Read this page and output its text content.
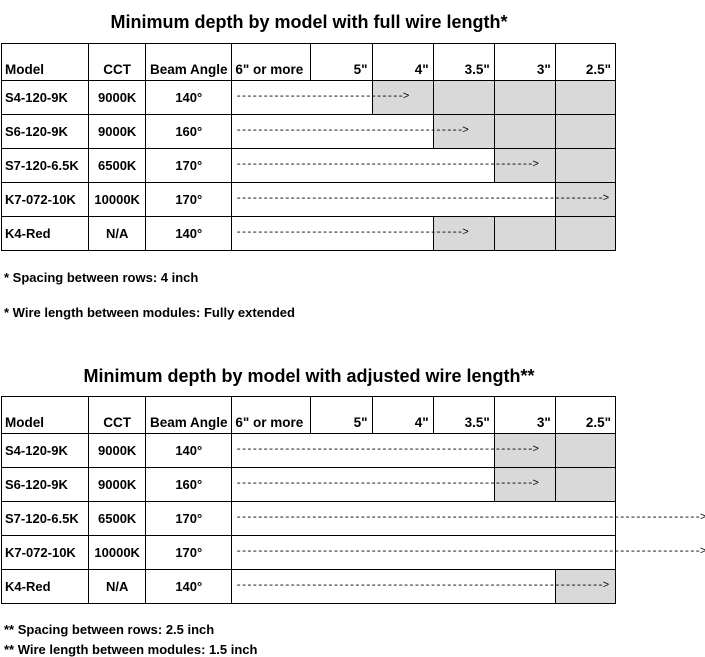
Minimum depth by model with full wire length*
Model	CCT	Beam Angle	6" or more	5"	4"	3.5"	3"	2.5"
S4-120-9K	9000K	140°	------------------------------->					

S6-120-9K	9000K	160°	------------------------------------------>					

S7-120-6.5K	6500K	170°	------------------------------------------------------->					

K7-072-10K	10000K	170°	-------------------------------------------------------------------->					

K4-Red	N/A	140°	------------------------------------------>					

* Spacing between rows: 4 inch
* Wire length between modules: Fully extended
Minimum depth by model with adjusted wire length**
Model	CCT	Beam Angle	6" or more	5"	4"	3.5"	3"	2.5"
S4-120-9K	9000K	140°	------------------------------------------------------->					

S6-120-9K	9000K	160°	------------------------------------------------------->					

S7-120-6.5K	6500K	170°	-------------------------------------------------------------------------------------->					

K7-072-10K	10000K	170°	-------------------------------------------------------------------------------------->					

K4-Red	N/A	140°	-------------------------------------------------------------------->					

** Spacing between rows: 2.5 inch
** Wire length between modules: 1.5 inch
